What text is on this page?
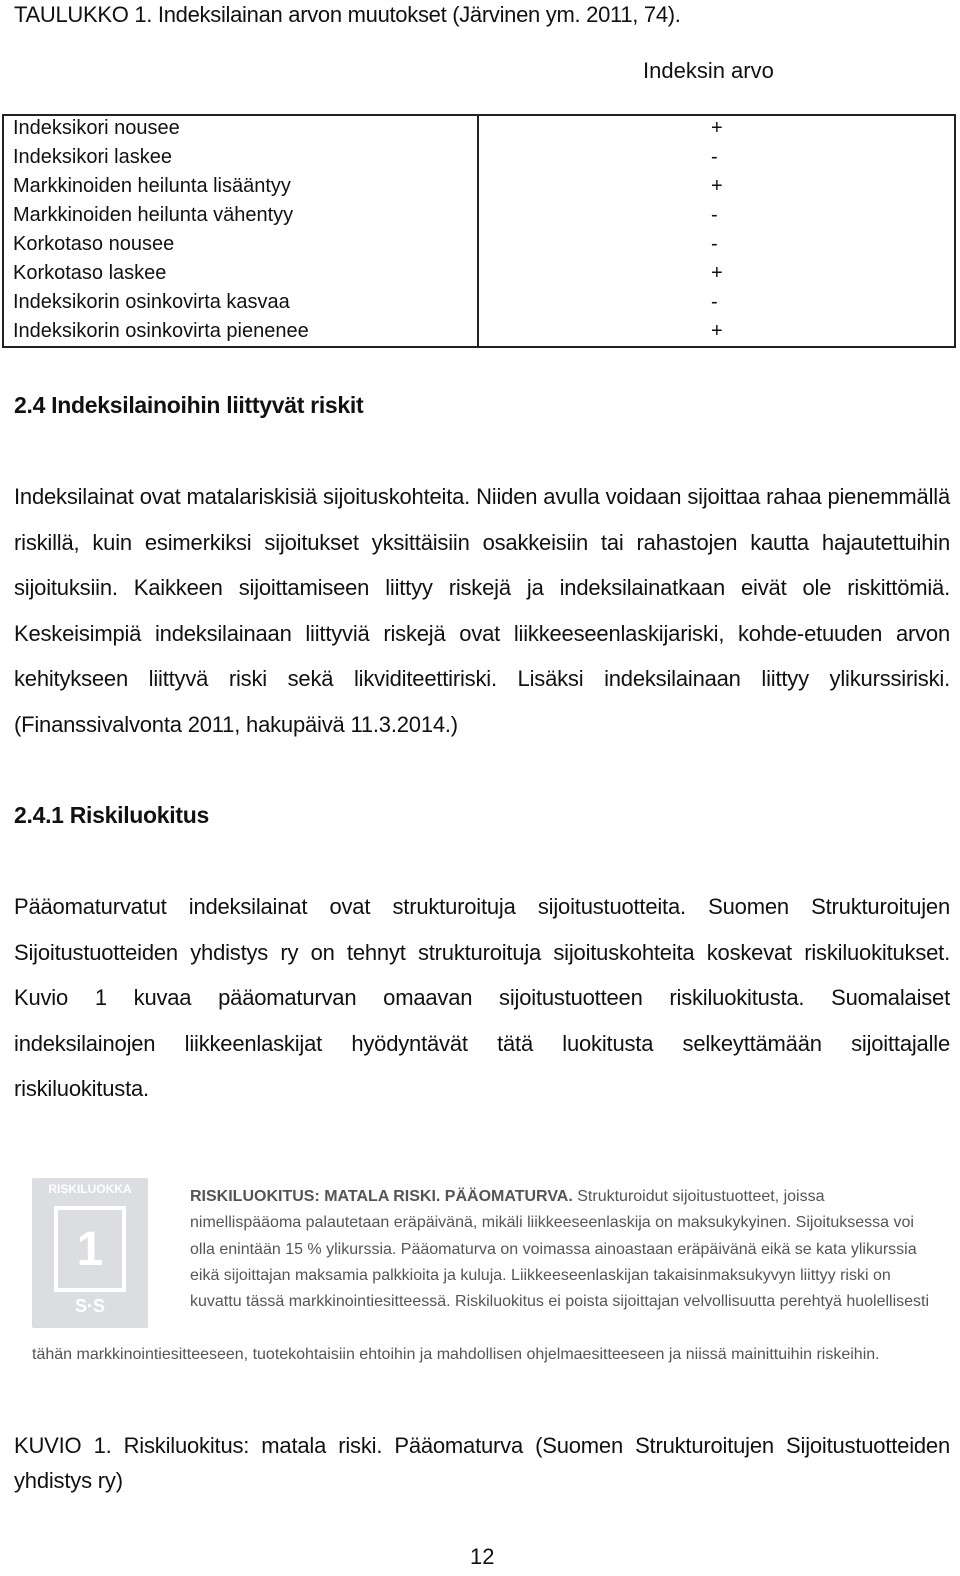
TAULUKKO 1. Indeksilainan arvon muutokset (Järvinen ym. 2011, 74).
Indeksin arvo
Indeksikori nousee	+
Indeksikori laskee	-
Markkinoiden heilunta lisääntyy	+
Markkinoiden heilunta vähentyy	-
Korkotaso nousee	-
Korkotaso laskee	+
Indeksikorin osinkovirta kasvaa	-
Indeksikorin osinkovirta pienenee	+
2.4 Indeksilainoihin liittyvät riskit

Indeksilainat ovat matalariskisiä sijoituskohteita. Niiden avulla voidaan sijoittaa rahaa pienemmällä riskillä, kuin esimerkiksi sijoitukset yksittäisiin osakkeisiin tai rahastojen kautta hajautettuihin sijoituksiin. Kaikkeen sijoittamiseen liittyy riskejä ja indeksilainatkaan eivät ole riskittömiä. Keskeisimpiä indeksilainaan liittyviä riskejä ovat liikkeeseenlaskijariski, kohde-etuuden arvon kehitykseen liittyvä riski sekä likviditeettiriski. Lisäksi indeksilainaan liittyy ylikurssiriski. (Finanssivalvonta 2011, hakupäivä 11.3.2014.)

2.4.1 Riskiluokitus

Pääomaturvatut indeksilainat ovat strukturoituja sijoitustuotteita. Suomen Strukturoitujen Sijoitustuotteiden yhdistys ry on tehnyt strukturoituja sijoituskohteita koskevat riskiluokitukset. Kuvio 1 kuvaa pääomaturvan omaavan sijoitustuotteen riskiluokitusta. Suomalaiset indeksilainojen liikkeenlaskijat hyödyntävät tätä luokitusta selkeyttämään sijoittajalle riskiluokitusta.

RISKILUOKKA
1
S·S

RISKILUOKITUS: MATALA RISKI. PÄÄOMATURVA. Strukturoidut sijoitustuotteet, joissa nimellispääoma palautetaan eräpäivänä, mikäli liikkeeseenlaskija on maksukykyinen. Sijoituksessa voi olla enintään 15 % ylikurssia. Pääomaturva on voimassa ainoastaan eräpäivänä eikä se kata ylikurssia eikä sijoittajan maksamia palkkioita ja kuluja. Liikkeeseenlaskijan takaisinmaksukyvyn liittyy riski on kuvattu tässä markkinointiesitteessä. Riskiluokitus ei poista sijoittajan velvollisuutta perehtyä huolellisesti

tähän markkinointiesitteeseen, tuotekohtaisiin ehtoihin ja mahdollisen ohjelmaesitteeseen ja niissä mainittuihin riskeihin.

KUVIO 1. Riskiluokitus: matala riski. Pääomaturva (Suomen Strukturoitujen Sijoitustuotteiden yhdistys ry)

12
